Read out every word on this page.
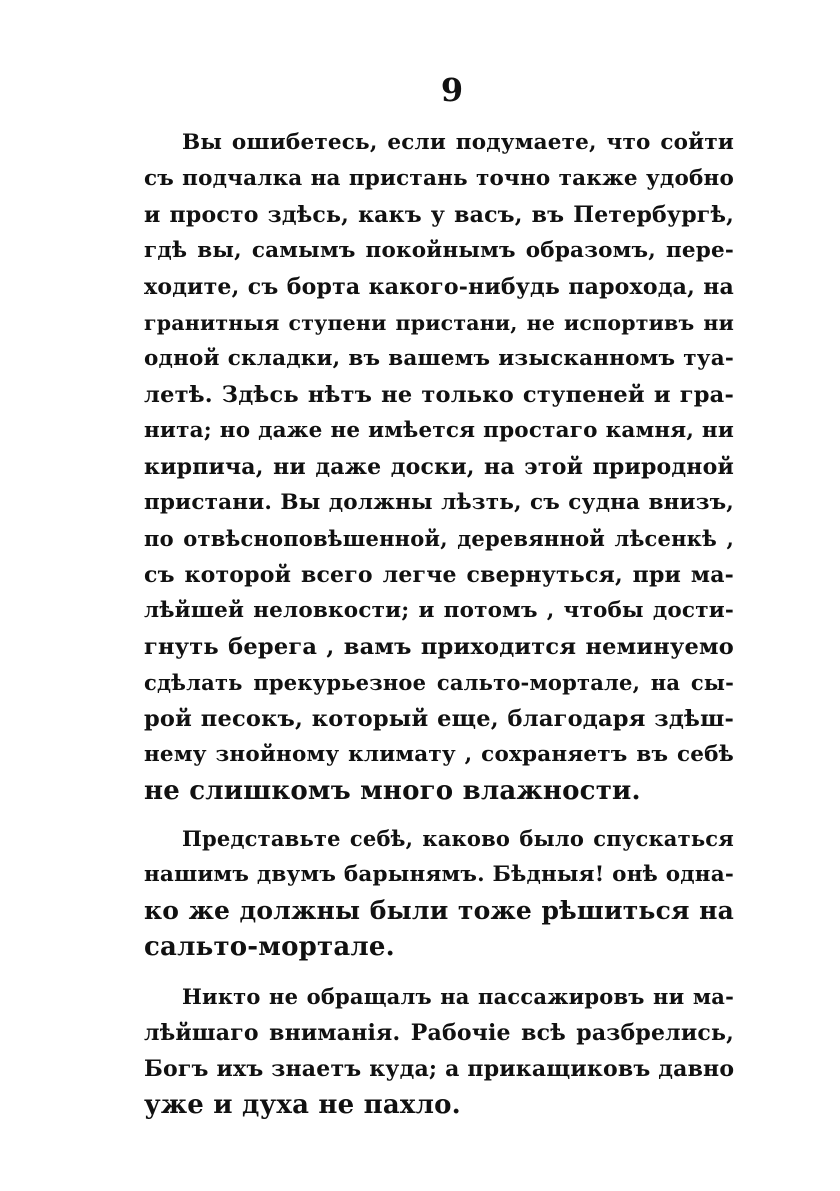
9
Вы ошибетесь, если подумаете, что сойти
съ подчалка на пристань точно также удобно
и просто здѣсь, какъ у васъ, въ Петербургѣ,
гдѣ вы, самымъ покойнымъ образомъ, пере-
ходите, съ борта какого-нибудь парохода, на
гранитныя ступени пристани, не испортивъ ни
одной складки, въ вашемъ изысканномъ туа-
летѣ. Здѣсь нѣтъ не только ступеней и гра-
нита; но даже не имѣется простаго камня, ни
кирпича, ни даже доски, на этой природной
пристани. Вы должны лѣзть, съ судна внизъ,
по отвѣсноповѣшенной, деревянной лѣсенкѣ ,
съ которой всего легче свернуться, при ма-
лѣйшей неловкости; и потомъ , чтобы дости-
гнуть берега , вамъ приходится неминуемо
сдѣлать прекурьезное сальто-мортале, на сы-
рой песокъ, который еще, благодаря здѣш-
нему знойному климату , сохраняетъ въ себѣ
не слишкомъ много влажности.
Представьте себѣ, каково было спускаться
нашимъ двумъ барынямъ. Бѣдныя! онѣ одна-
ко же должны были тоже рѣшиться на
сальто-мортале.
Никто не обращалъ на пассажировъ ни ма-
лѣйшаго вниманія. Рабочіе всѣ разбрелись,
Богъ ихъ знаетъ куда; а прикащиковъ давно
уже и духа не пахло.
